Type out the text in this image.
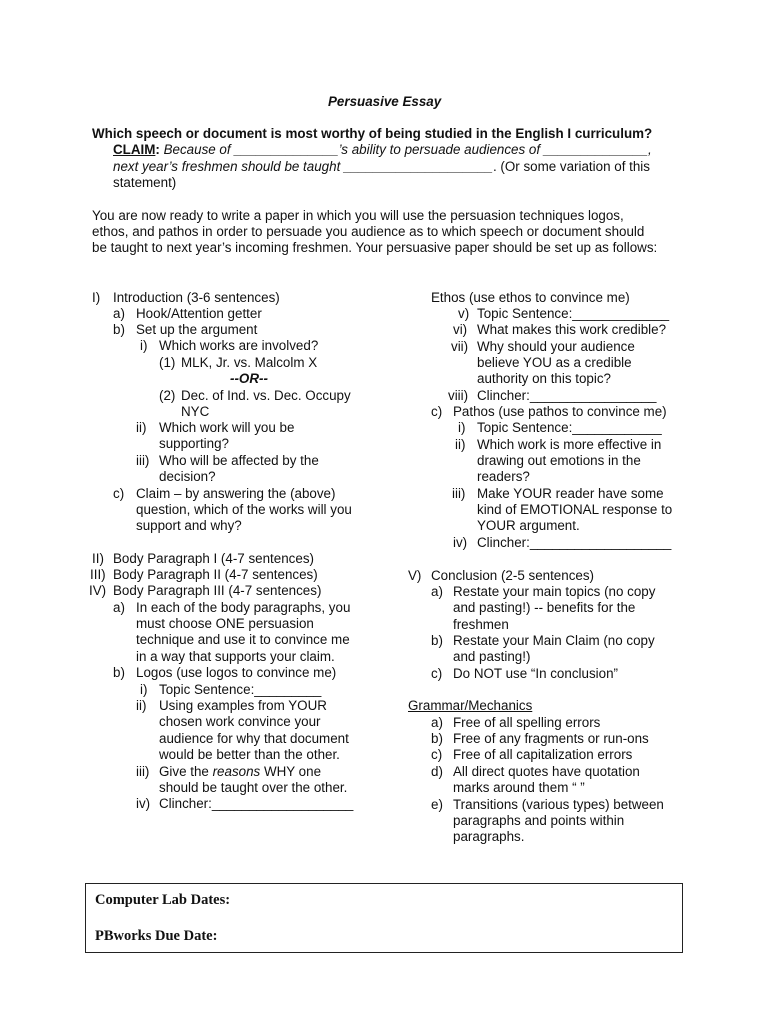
Persuasive Essay
Which speech or document is most worthy of being studied in the English I curriculum?
CLAIM: Because of ______________’s ability to persuade audiences of ______________,
next year’s freshmen should be taught ____________________. (Or some variation of this
statement)
You are now ready to write a paper in which you will use the persuasion techniques logos,
ethos, and pathos in order to persuade you audience as to which speech or document should
be taught to next year’s incoming freshmen. Your persuasive paper should be set up as follows:
I) Introduction (3-6 sentences)
a) Hook/Attention getter
b) Set up the argument
i) Which works are involved?
(1) MLK, Jr. vs. Malcolm X
--OR--
(2) Dec. of Ind. vs. Dec. Occupy
NYC
ii) Which work will you be
supporting?
iii) Who will be affected by the
decision?
c) Claim – by answering the (above)
question, which of the works will you
support and why?
II) Body Paragraph I (4-7 sentences)
III) Body Paragraph II (4-7 sentences)
IV) Body Paragraph III (4-7 sentences)
a) In each of the body paragraphs, you
must choose ONE persuasion
technique and use it to convince me
in a way that supports your claim.
b) Logos (use logos to convince me)
i) Topic Sentence:_________
ii) Using examples from YOUR
chosen work convince your
audience for why that document
would be better than the other.
iii) Give the reasons WHY one
should be taught over the other.
iv) Clincher:___________________
Ethos (use ethos to convince me)
v) Topic Sentence:_____________
vi) What makes this work credible?
vii) Why should your audience
believe YOU as a credible
authority on this topic?
viii) Clincher:_________________
c) Pathos (use pathos to convince me)
i) Topic Sentence:____________
ii) Which work is more effective in
drawing out emotions in the
readers?
iii) Make YOUR reader have some
kind of EMOTIONAL response to
YOUR argument.
iv) Clincher:___________________
V) Conclusion (2-5 sentences)
a) Restate your main topics (no copy
and pasting!) -- benefits for the
freshmen
b) Restate your Main Claim (no copy
and pasting!)
c) Do NOT use “In conclusion”
Grammar/Mechanics
a) Free of all spelling errors
b) Free of any fragments or run-ons
c) Free of all capitalization errors
d) All direct quotes have quotation
marks around them “ ”
e) Transitions (various types) between
paragraphs and points within
paragraphs.
Computer Lab Dates:
PBworks Due Date:
